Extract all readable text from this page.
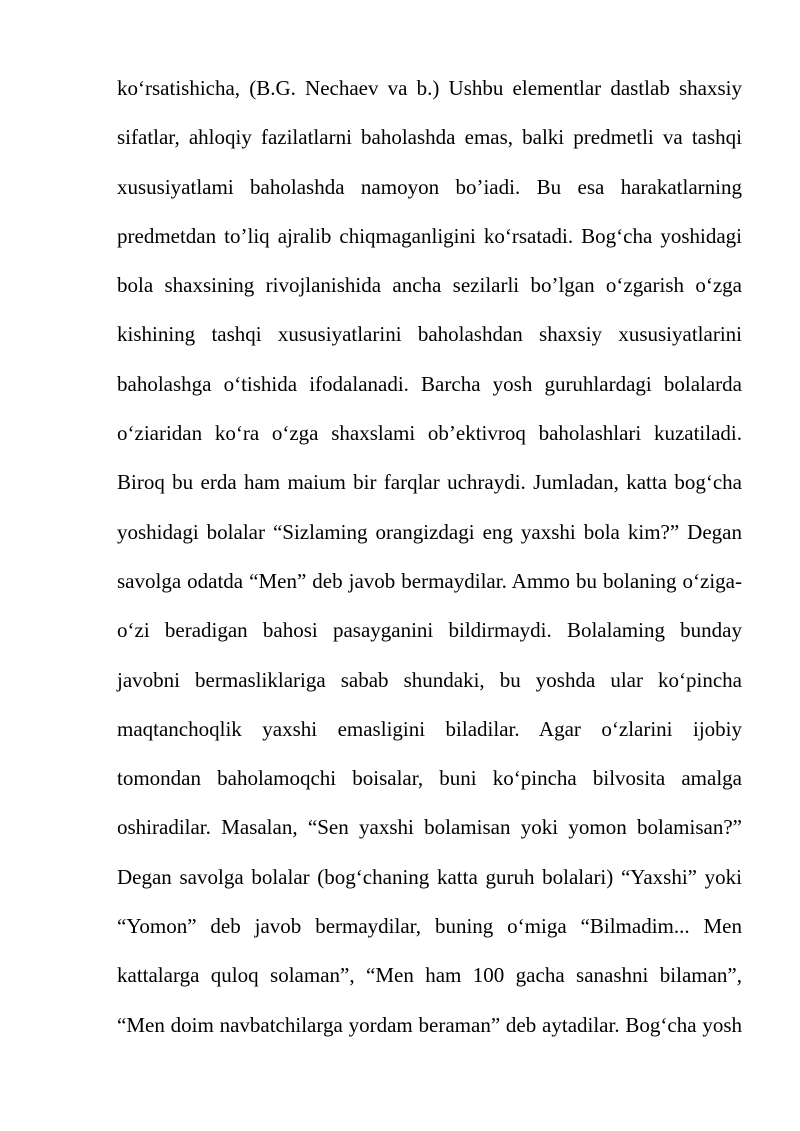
ko‘rsatishicha, (B.G. Nechaev va b.) Ushbu elementlar dastlab shaxsiy
sifatlar, ahloqiy fazilatlarni baholashda emas, balki predmetli va tashqi
xususiyatlami baholashda namoyon bo’iadi. Bu esa harakatlarning
predmetdan to’liq ajralib chiqmaganligini ko‘rsatadi. Bog‘cha yoshidagi
bola shaxsining rivojlanishida ancha sezilarli bo’lgan o‘zgarish o‘zga
kishining tashqi xususiyatlarini baholashdan shaxsiy xususiyatlarini
baholashga o‘tishida ifodalanadi. Barcha yosh guruhlardagi bolalarda
o‘ziaridan ko‘ra o‘zga shaxslami ob’ektivroq baholashlari kuzatiladi.
Biroq bu erda ham maium bir farqlar uchraydi. Jumladan, katta bog‘cha
yoshidagi bolalar “Sizlaming orangizdagi eng yaxshi bola kim?” Degan
savolga odatda “Men” deb javob bermaydilar. Ammo bu bolaning o‘ziga-
o‘zi beradigan bahosi pasayganini bildirmaydi. Bolalaming bunday
javobni bermasliklariga sabab shundaki, bu yoshda ular ko‘pincha
maqtanchoqlik yaxshi emasligini biladilar. Agar o‘zlarini ijobiy
tomondan baholamoqchi boisalar, buni ko‘pincha bilvosita amalga
oshiradilar. Masalan, “Sen yaxshi bolamisan yoki yomon bolamisan?”
Degan savolga bolalar (bog‘chaning katta guruh bolalari) “Yaxshi” yoki
“Yomon” deb javob bermaydilar, buning o‘miga “Bilmadim... Men
kattalarga quloq solaman”, “Men ham 100 gacha sanashni bilaman”,
“Men doim navbatchilarga yordam beraman” deb aytadilar. Bog‘cha yosh
